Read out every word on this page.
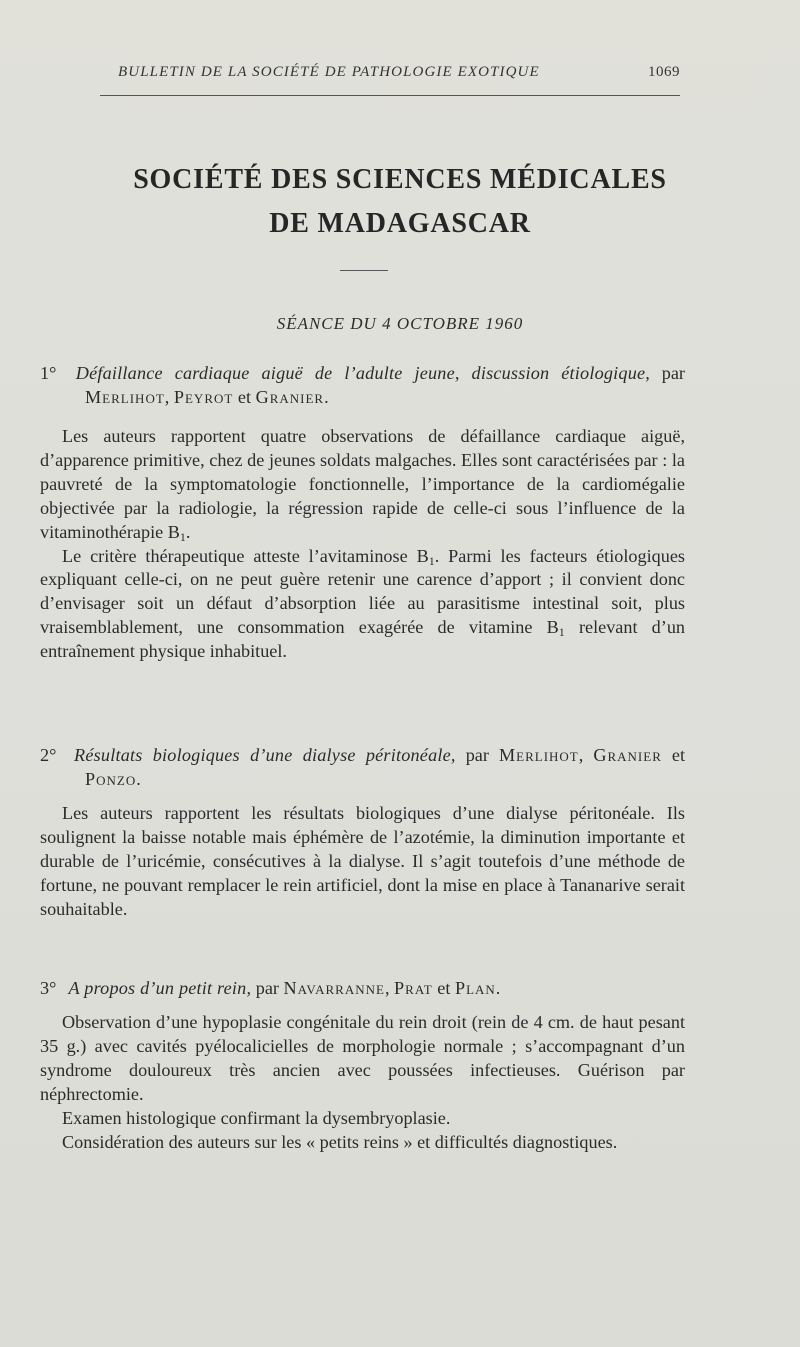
BULLETIN DE LA SOCIÉTÉ DE PATHOLOGIE EXOTIQUE	1069
SOCIÉTÉ DES SCIENCES MÉDICALES
DE MADAGASCAR
SÉANCE DU 4 OCTOBRE 1960
1° Défaillance cardiaque aiguë de l’adulte jeune, discussion étiologique, par Merlihot, Peyrot et Granier.

Les auteurs rapportent quatre observations de défaillance cardiaque aiguë, d’apparence primitive, chez de jeunes soldats malgaches. Elles sont caractérisées par : la pauvreté de la symptomatologie fonctionnelle, l’importance de la cardiomégalie objectivée par la radiologie, la régression rapide de celle-ci sous l’influence de la vitaminothérapie $B_1$.

Le critère thérapeutique atteste l’avitaminose $B_1$. Parmi les facteurs étiologiques expliquant celle-ci, on ne peut guère retenir une carence d’apport ; il convient donc d’envisager soit un défaut d’absorption liée au parasitisme intestinal soit, plus vraisemblablement, une consommation exagérée de vitamine $B_1$ relevant d’un entraînement physique inhabituel.

2° Résultats biologiques d’une dialyse péritonéale, par Merlihot, Granier et Ponzo.

Les auteurs rapportent les résultats biologiques d’une dialyse péritonéale. Ils soulignent la baisse notable mais éphémère de l’azotémie, la diminution importante et durable de l’uricémie, consécutives à la dialyse. Il s’agit toutefois d’une méthode de fortune, ne pouvant remplacer le rein artificiel, dont la mise en place à Tananarive serait souhaitable.

3° A propos d’un petit rein, par Navarranne, Prat et Plan.

Observation d’une hypoplasie congénitale du rein droit (rein de 4 cm. de haut pesant 35 g.) avec cavités pyélocalicielles de morphologie normale ; s’accompagnant d’un syndrome douloureux très ancien avec poussées infectieuses. Guérison par néphrectomie.

Examen histologique confirmant la dysembryoplasie.

Considération des auteurs sur les « petits reins » et difficultés diagnostiques.
